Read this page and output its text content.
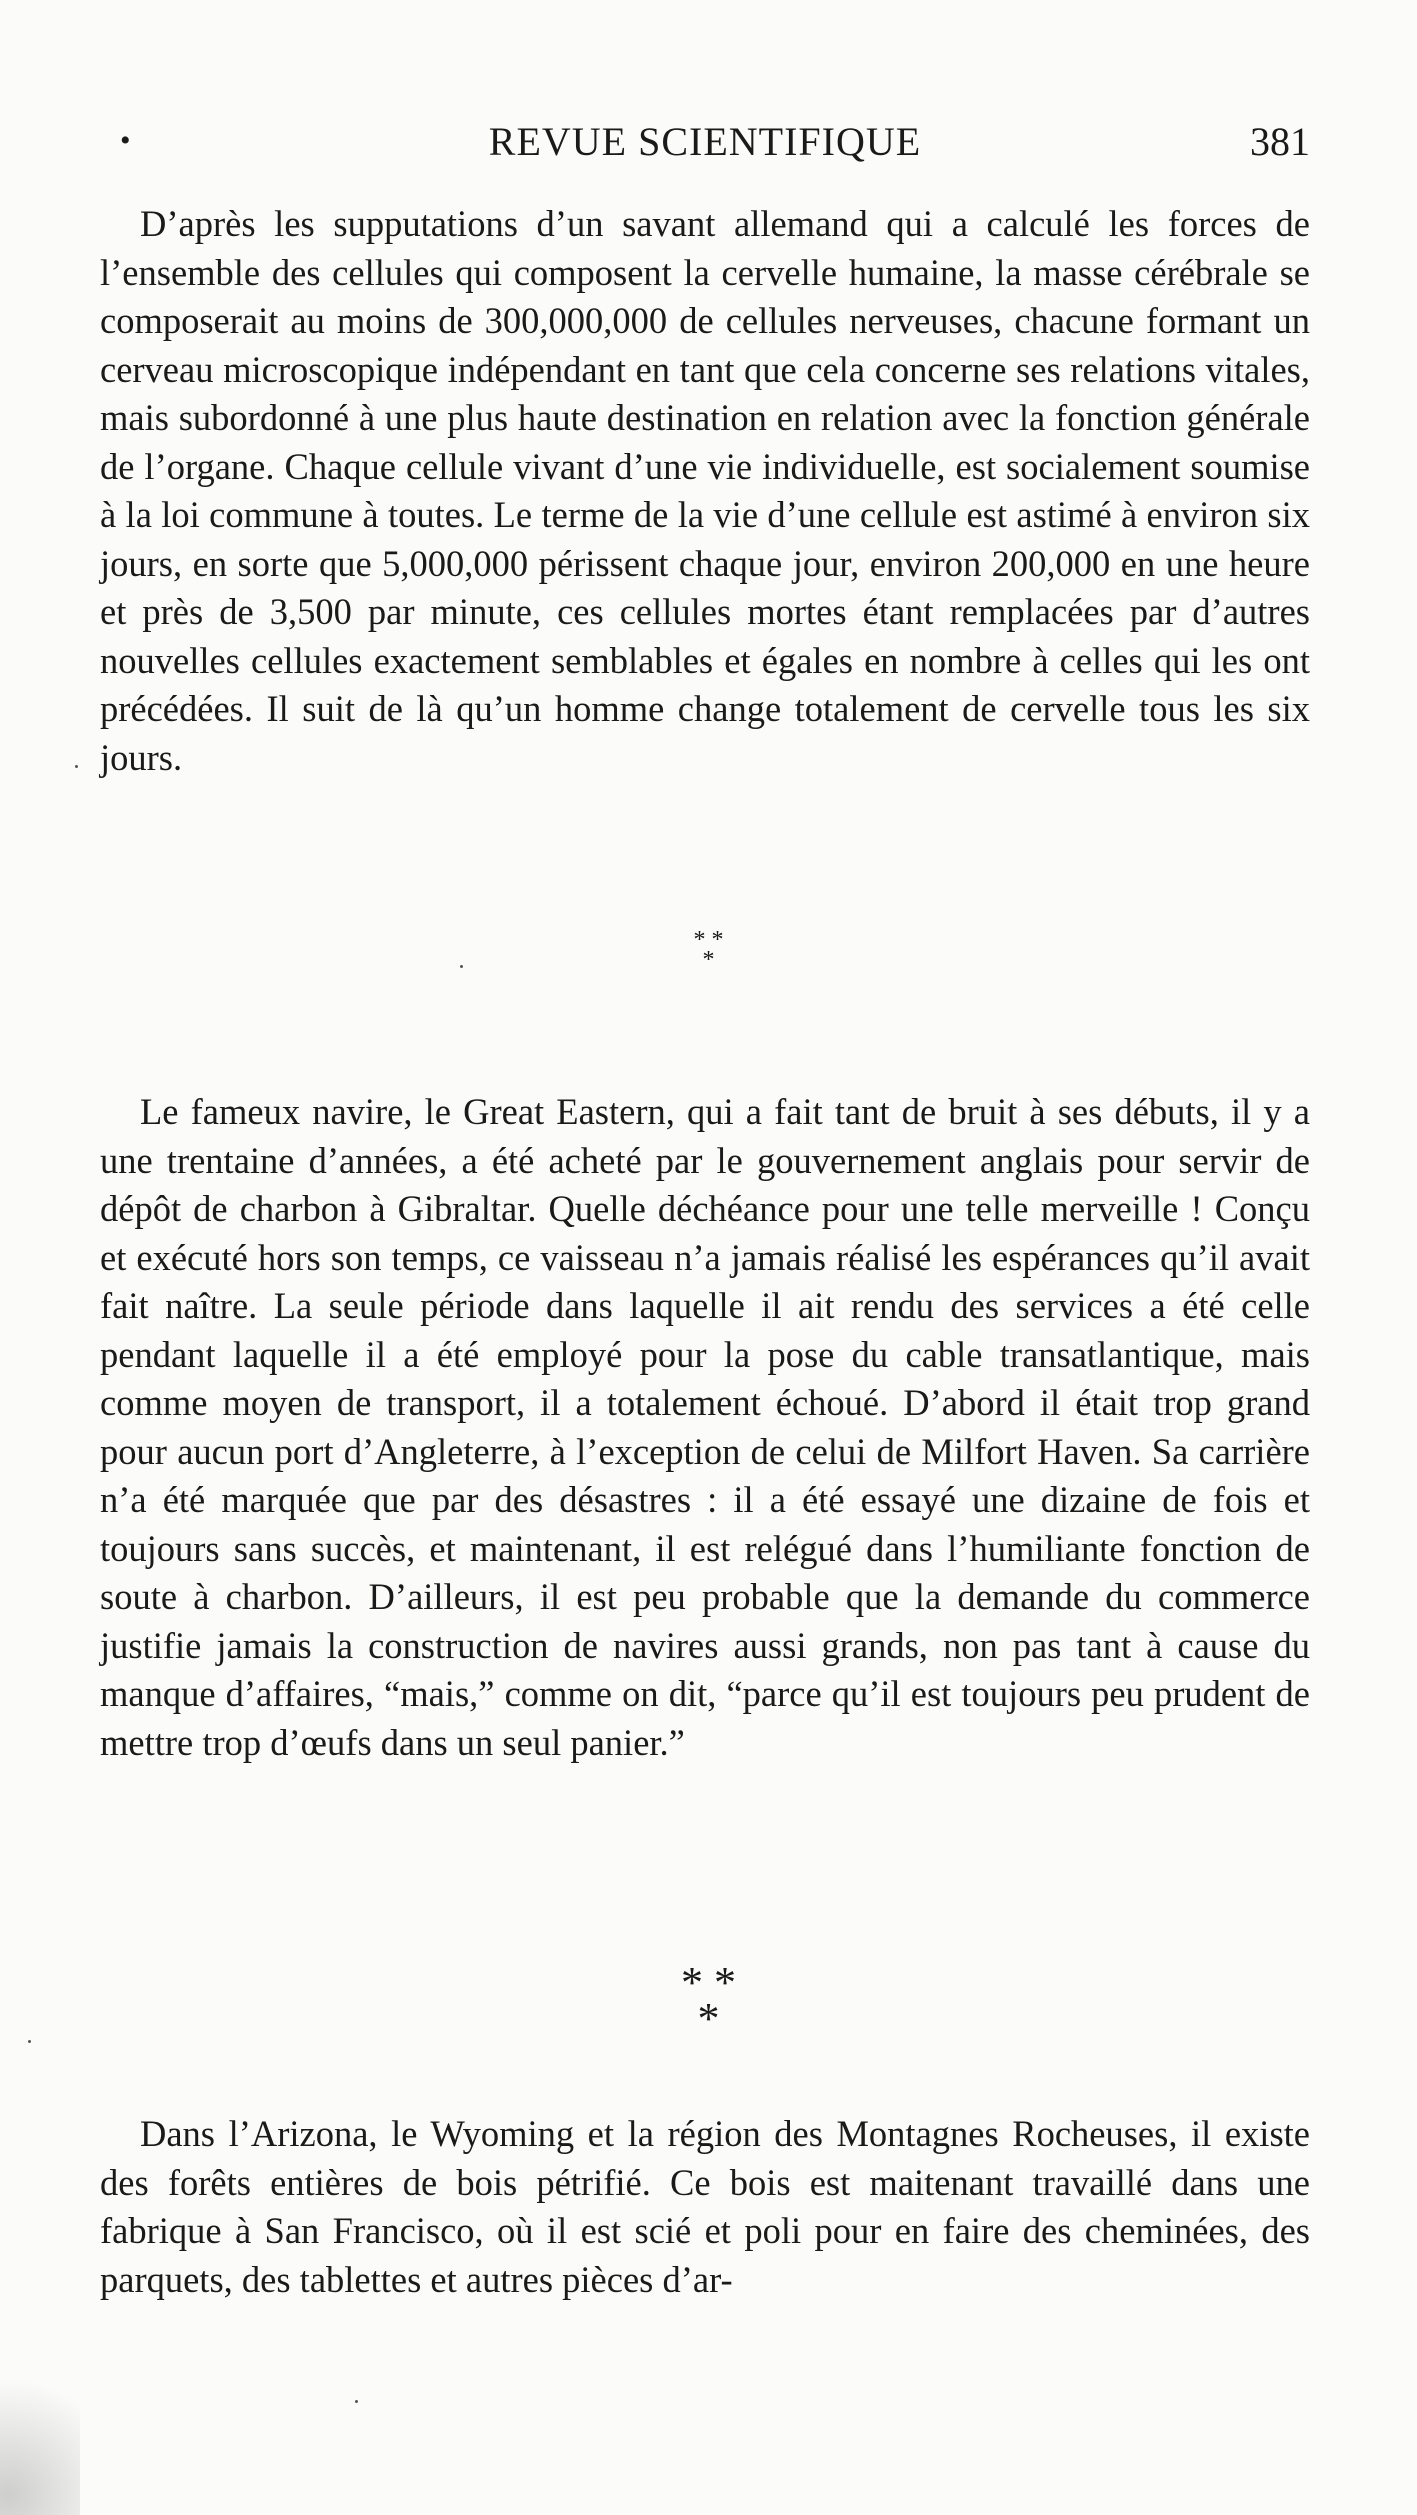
•	REVUE SCIENTIFIQUE	381

D’après les supputations d’un savant allemand qui a calculé les forces de l’ensemble des cellules qui composent la cervelle humaine, la masse cérébrale se composerait au moins de 300,000,000 de cellules nerveuses, chacune formant un cerveau microscopique indépendant en tant que cela concerne ses relations vitales, mais subordonné à une plus haute destination en relation avec la fonction générale de l’organe. Chaque cellule vivant d’une vie individuelle, est socialement soumise à la loi commune à toutes. Le terme de la vie d’une cellule est astimé à environ six jours, en sorte que 5,000,000 périssent chaque jour, environ 200,000 en une heure et près de 3,500 par minute, ces cellules mortes étant remplacées par d’autres nouvelles cellules exactement semblables et égales en nombre à celles qui les ont précédées. Il suit de là qu’un homme change totalement de cervelle tous les six jours.

* *
*

Le fameux navire, le Great Eastern, qui a fait tant de bruit à ses débuts, il y a une trentaine d’années, a été acheté par le gouvernement anglais pour servir de dépôt de charbon à Gibraltar. Quelle déchéance pour une telle merveille ! Conçu et exécuté hors son temps, ce vaisseau n’a jamais réalisé les espérances qu’il avait fait naître. La seule période dans laquelle il ait rendu des services a été celle pendant laquelle il a été employé pour la pose du cable transatlantique, mais comme moyen de transport, il a totalement échoué. D’abord il était trop grand pour aucun port d’Angleterre, à l’exception de celui de Milfort Haven. Sa carrière n’a été marquée que par des désastres : il a été essayé une dizaine de fois et toujours sans succès, et maintenant, il est relégué dans l’humiliante fonction de soute à charbon. D’ailleurs, il est peu probable que la demande du commerce justifie jamais la construction de navires aussi grands, non pas tant à cause du manque d’affaires, “mais,” comme on dit, “parce qu’il est toujours peu prudent de mettre trop d’œufs dans un seul panier.”

* *
*

Dans l’Arizona, le Wyoming et la région des Montagnes Rocheuses, il existe des forêts entières de bois pétrifié. Ce bois est maitenant travaillé dans une fabrique à San Francisco, où il est scié et poli pour en faire des cheminées, des parquets, des tablettes et autres pièces d’ar-
